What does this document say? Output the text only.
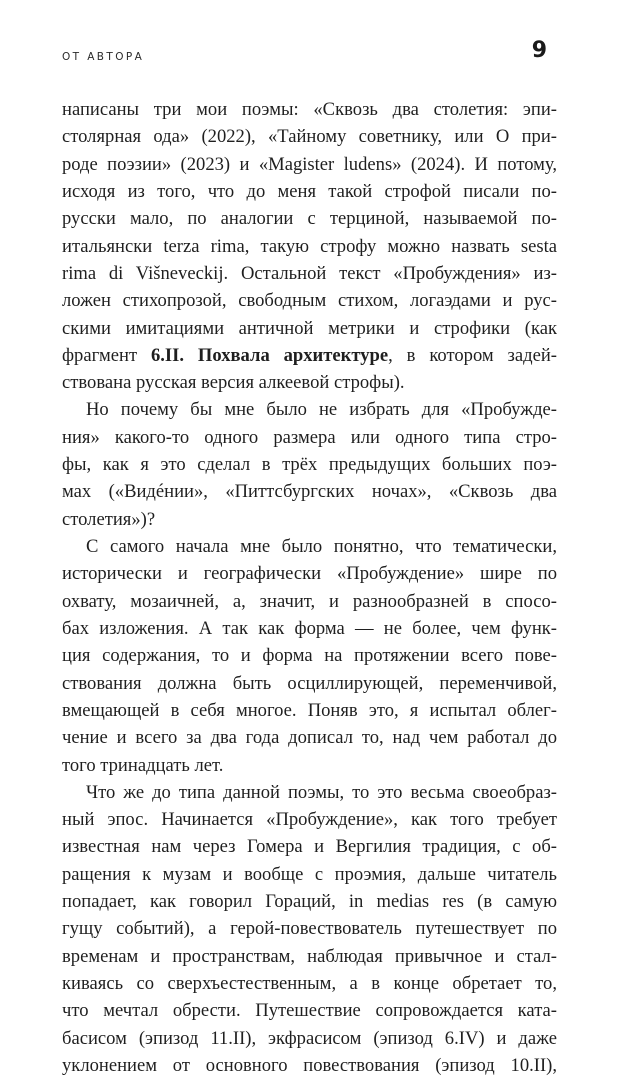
ОТ АВТОРА	9
написаны три мои поэмы: «Сквозь два столетия: эпи-
столярная ода» (2022), «Тайному советнику, или О при-
роде поэзии» (2023) и «Magister ludens» (2024). И потому,
исходя из того, что до меня такой строфой писали по-
русски мало, по аналогии с терциной, называемой по-
итальянски terza rima, такую строфу можно назвать sesta
rima di Višneveckij. Остальной текст «Пробуждения» из-
ложен стихопрозой, свободным стихом, логаэдами и рус-
скими имитациями античной метрики и строфики (как
фрагмент 6.II. Похвала архитектуре, в котором задей-
ствована русская версия алкеевой строфы).
Но почему бы мне было не избрать для «Пробужде-
ния» какого-то одного размера или одного типа стро-
фы, как я это сделал в трёх предыдущих больших поэ-
мах («Видéнии», «Питтсбургских ночах», «Сквозь два
столетия»)?
С самого начала мне было понятно, что тематически,
исторически и географически «Пробуждение» шире по
охвату, мозаичней, а, значит, и разнообразней в спосо-
бах изложения. А так как форма — не более, чем функ-
ция содержания, то и форма на протяжении всего пове-
ствования должна быть осциллирующей, переменчивой,
вмещающей в себя многое. Поняв это, я испытал облег-
чение и всего за два года дописал то, над чем работал до
того тринадцать лет.
Что же до типа данной поэмы, то это весьма своеобраз-
ный эпос. Начинается «Пробуждение», как того требует
известная нам через Гомера и Вергилия традиция, с об-
ращения к музам и вообще с проэмия, дальше читатель
попадает, как говорил Гораций, in medias res (в самую
гущу событий), а герой-повествователь путешествует по
временам и пространствам, наблюдая привычное и стал-
киваясь со сверхъестественным, а в конце обретает то,
что мечтал обрести. Путешествие сопровождается ката-
басисом (эпизод 11.II), экфрасисом (эпизод 6.IV) и даже
уклонением от основного повествования (эпизод 10.II),
